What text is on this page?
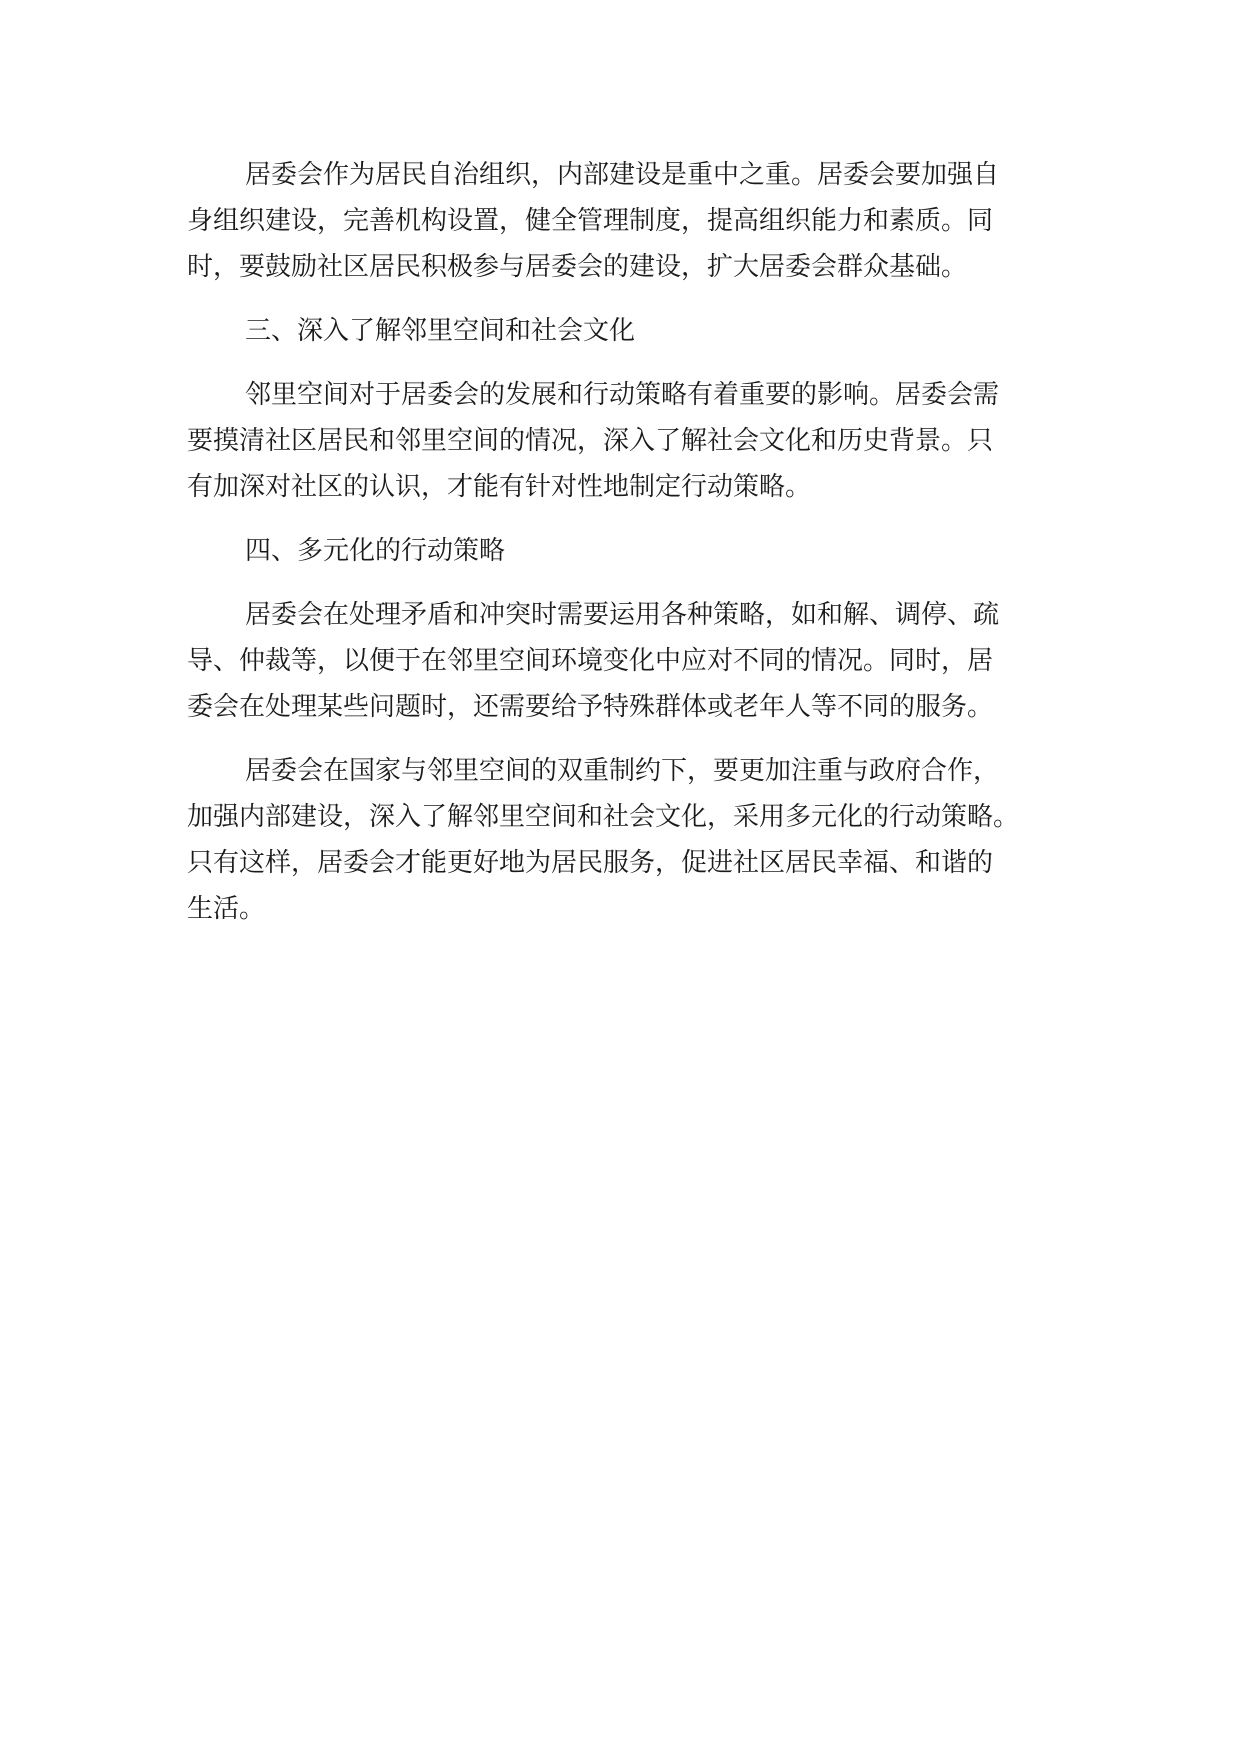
居委会作为居民自治组织，内部建设是重中之重。居委会要加强自
身组织建设，完善机构设置，健全管理制度，提高组织能力和素质。同
时，要鼓励社区居民积极参与居委会的建设，扩大居委会群众基础。
三、深入了解邻里空间和社会文化
邻里空间对于居委会的发展和行动策略有着重要的影响。居委会需
要摸清社区居民和邻里空间的情况，深入了解社会文化和历史背景。只
有加深对社区的认识，才能有针对性地制定行动策略。
四、多元化的行动策略
居委会在处理矛盾和冲突时需要运用各种策略，如和解、调停、疏
导、仲裁等，以便于在邻里空间环境变化中应对不同的情况。同时，居
委会在处理某些问题时，还需要给予特殊群体或老年人等不同的服务。
居委会在国家与邻里空间的双重制约下，要更加注重与政府合作，
加强内部建设，深入了解邻里空间和社会文化，采用多元化的行动策略。
只有这样，居委会才能更好地为居民服务，促进社区居民幸福、和谐的
生活。
